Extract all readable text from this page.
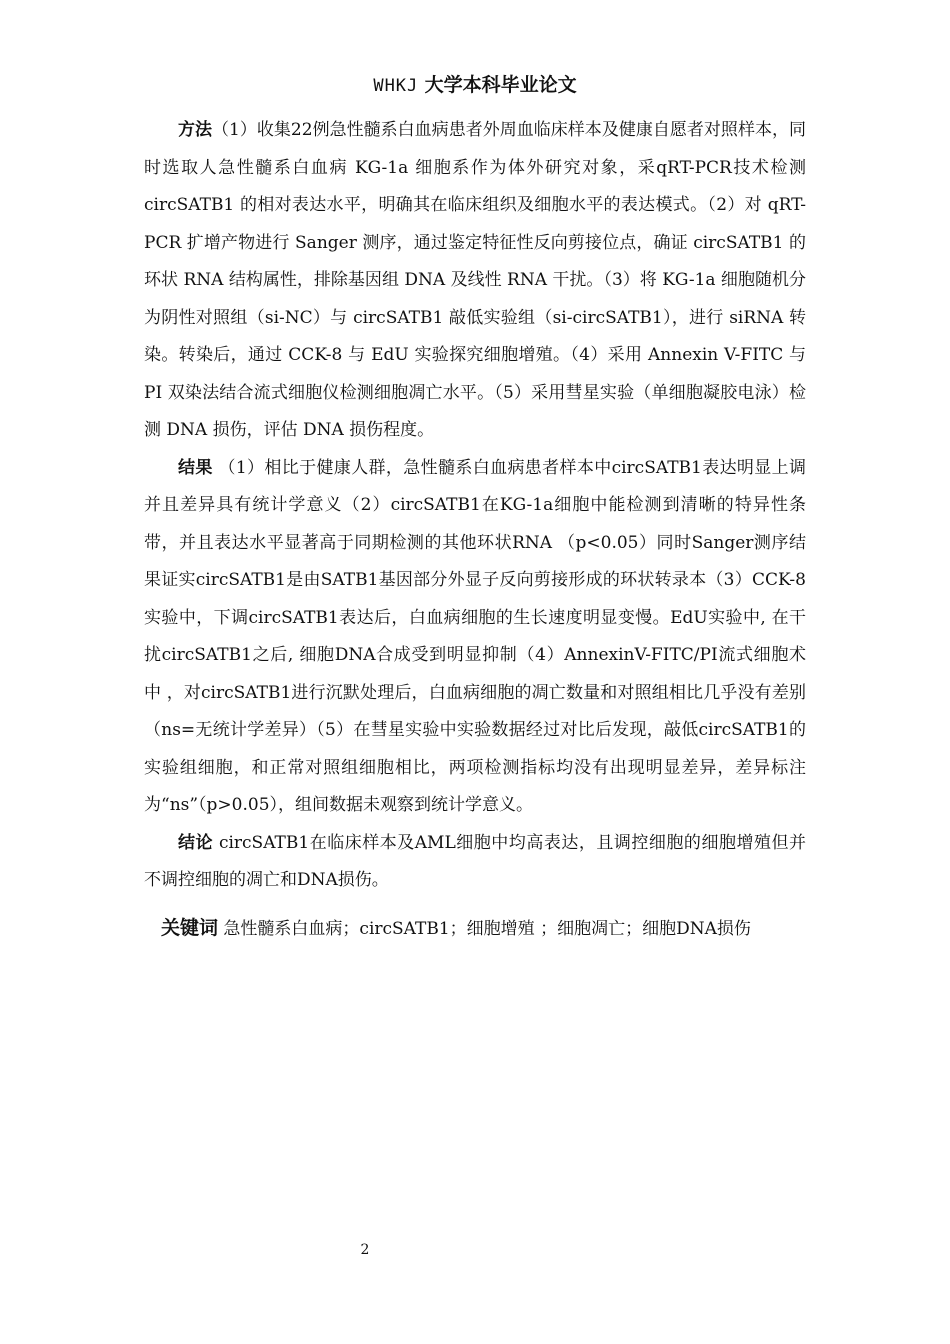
WHKJ 大学本科毕业论文

方法（1）收集22例急性髓系白血病患者外周血临床样本及健康自愿者对照样本，同时选取人急性髓系白血病 KG-1a 细胞系作为体外研究对象，采qRT-PCR技术检测 circSATB1 的相对表达水平，明确其在临床组织及细胞水平的表达模式。（2）对 qRT-PCR 扩增产物进行 Sanger 测序，通过鉴定特征性反向剪接位点，确证 circSATB1 的环状 RNA 结构属性，排除基因组 DNA 及线性 RNA 干扰。（3）将 KG-1a 细胞随机分为阴性对照组（si-NC）与 circSATB1 敲低实验组（si-circSATB1），进行 siRNA 转染。转染后，通过 CCK-8 与 EdU 实验探究细胞增殖。（4）采用 Annexin V-FITC 与 PI 双染法结合流式细胞仪检测细胞凋亡水平。（5）采用彗星实验（单细胞凝胶电泳）检测 DNA 损伤，评估 DNA 损伤程度。

结果 （1）相比于健康人群，急性髓系白血病患者样本中circSATB1表达明显上调并且差异具有统计学意义（2）circSATB1在KG-1a细胞中能检测到清晰的特异性条带，并且表达水平显著高于同期检测的其他环状RNA （p<0.05）同时Sanger测序结果证实circSATB1是由SATB1基因部分外显子反向剪接形成的环状转录本（3）CCK-8实验中，下调circSATB1表达后，白血病细胞的生长速度明显变慢。EdU实验中, 在干扰circSATB1之后, 细胞DNA合成受到明显抑制（4）AnnexinV-FITC/PI流式细胞术中 ，对circSATB1进行沉默处理后，白血病细胞的凋亡数量和对照组相比几乎没有差别（ns=无统计学差异）（5）在彗星实验中实验数据经过对比后发现，敲低circSATB1的实验组细胞，和正常对照组细胞相比，两项检测指标均没有出现明显差异，差异标注为“ns”（p>0.05），组间数据未观察到统计学意义。

结论 circSATB1在临床样本及AML细胞中均高表达，且调控细胞的细胞增殖但并不调控细胞的凋亡和DNA损伤。

关键词 急性髓系白血病；circSATB1；细胞增殖 ；细胞凋亡；细胞DNA损伤

2
